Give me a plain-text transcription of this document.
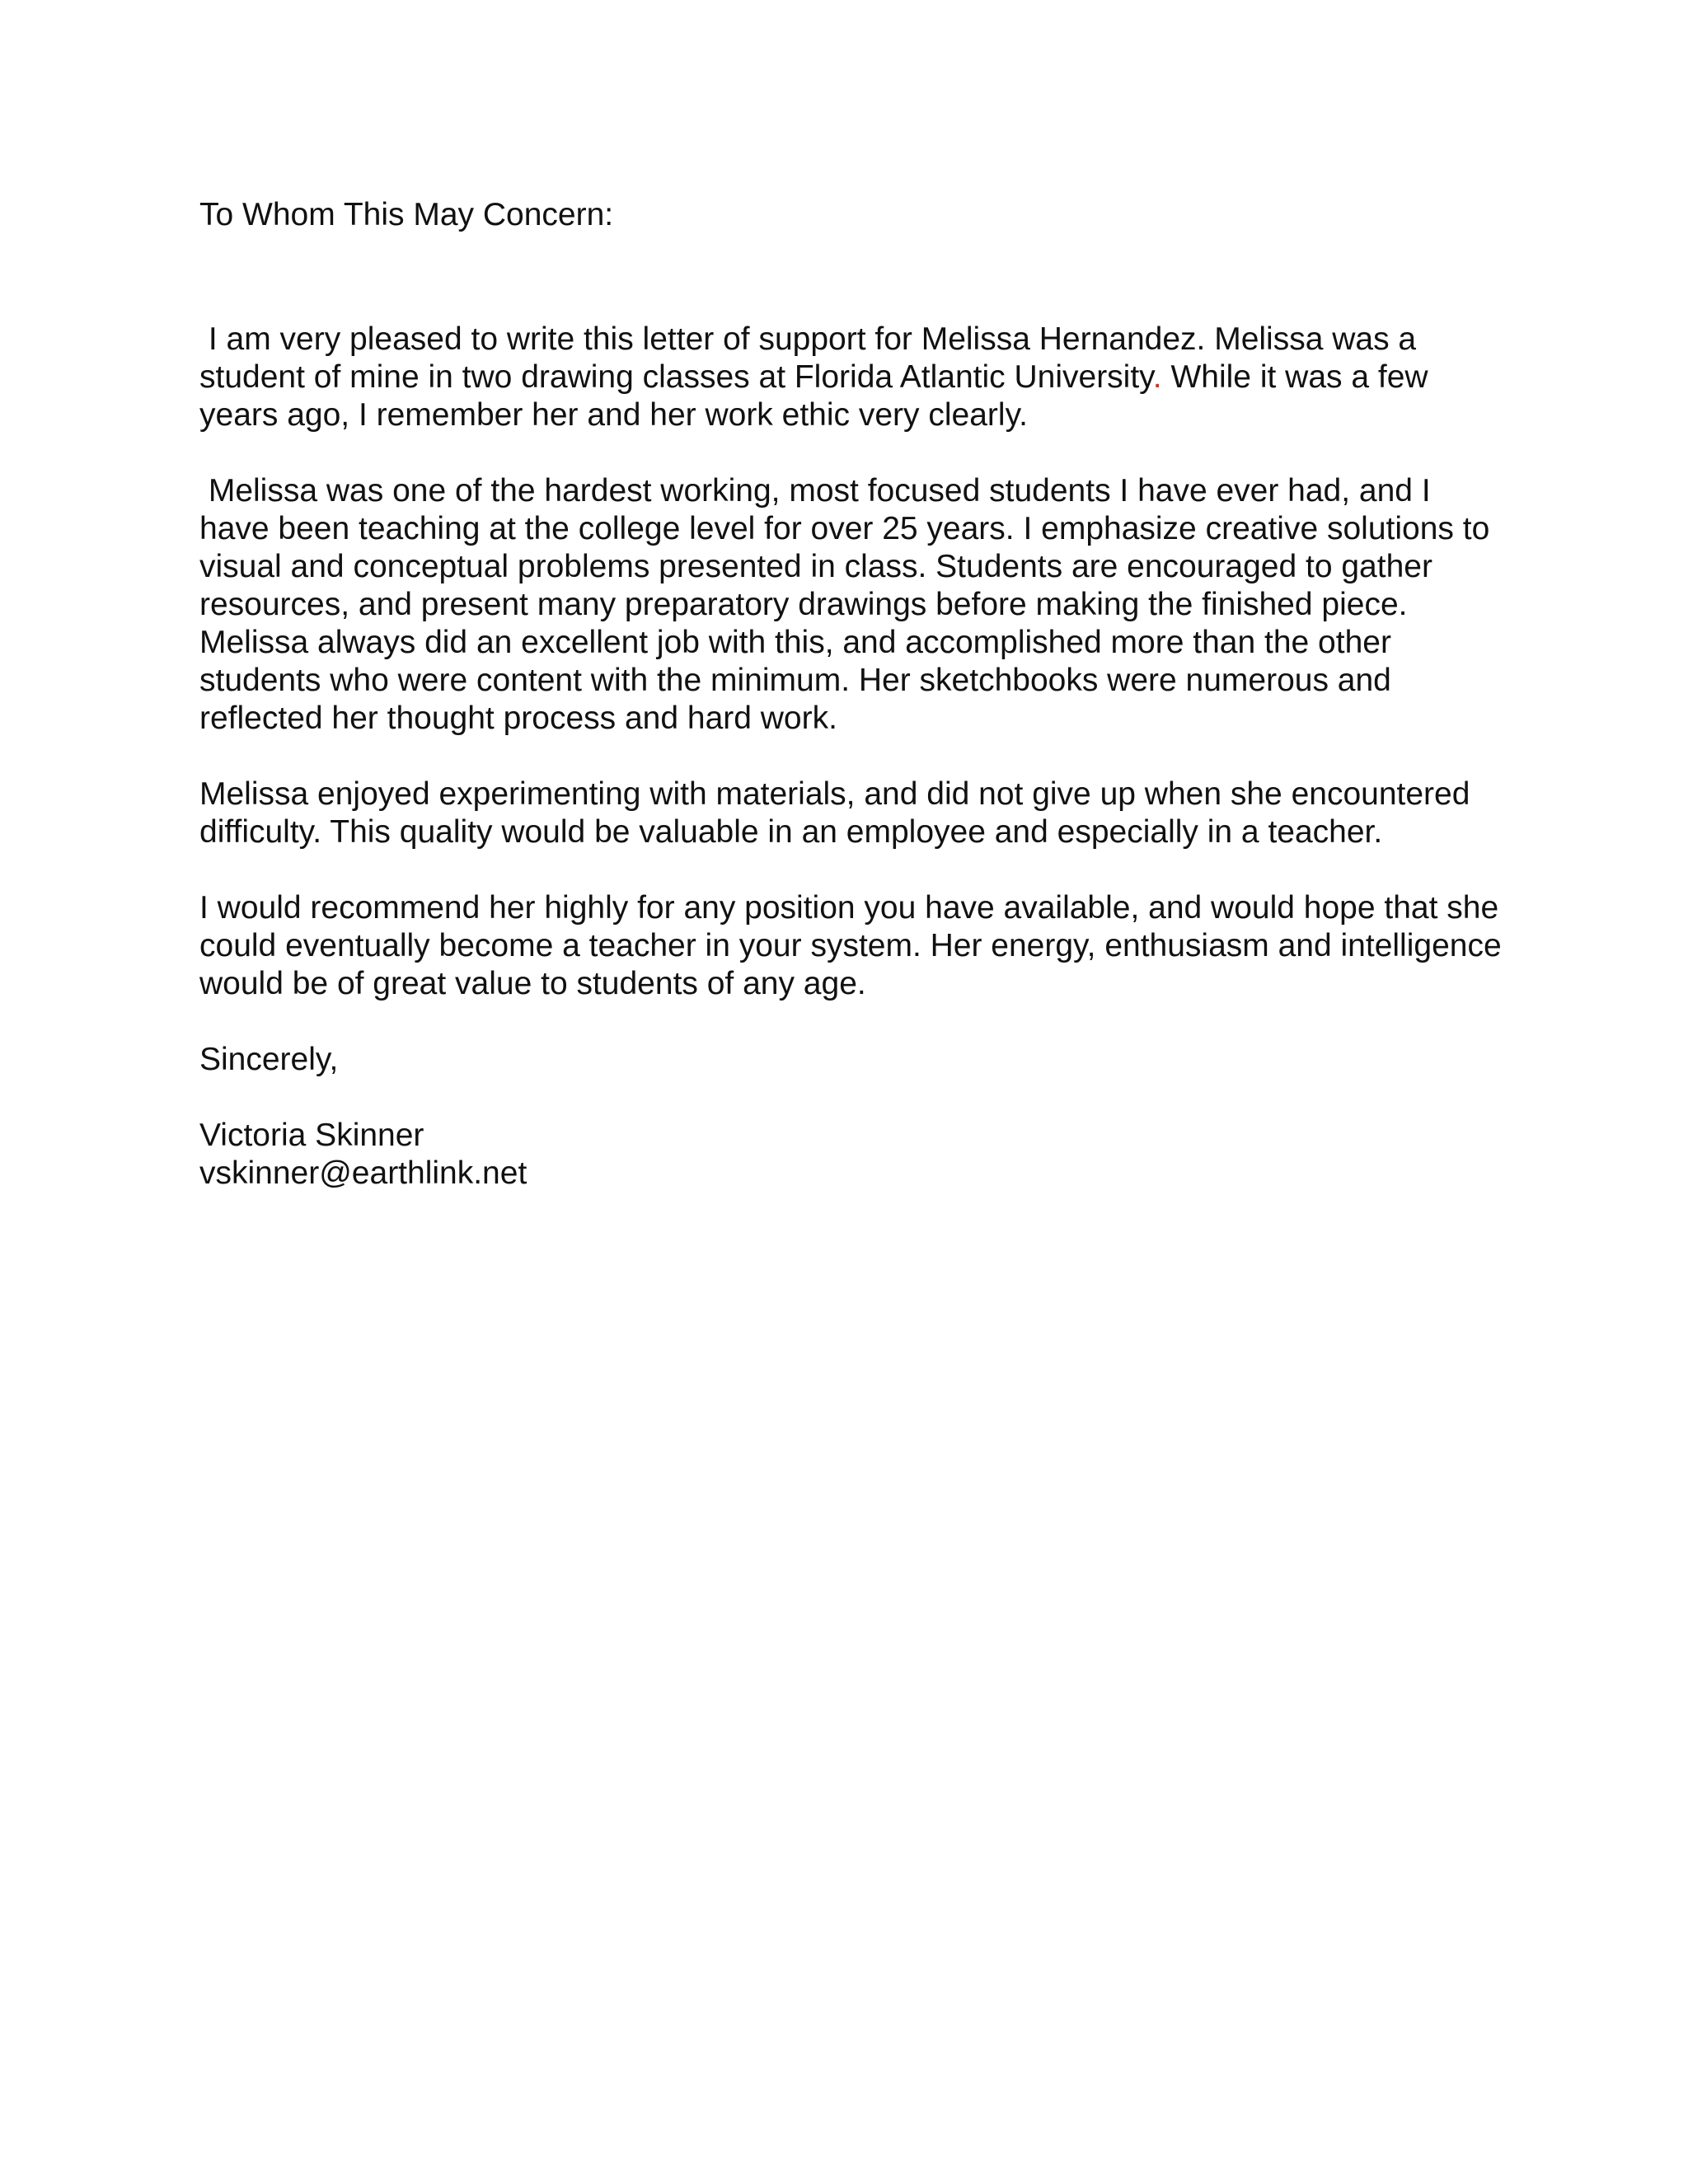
To Whom This May Concern:

I am very pleased to write this letter of support for Melissa Hernandez. Melissa was a student of mine in two drawing classes at Florida Atlantic University. While it was a few years ago, I remember her and her work ethic very clearly.

Melissa was one of the hardest working, most focused students I have ever had, and I have been teaching at the college level for over 25 years. I emphasize creative solutions to visual and conceptual problems presented in class. Students are encouraged to gather resources, and present many preparatory drawings before making the finished piece. Melissa always did an excellent job with this, and accomplished more than the other students who were content with the minimum. Her sketchbooks were numerous and reflected her thought process and hard work.

Melissa enjoyed experimenting with materials, and did not give up when she encountered difficulty. This quality would be valuable in an employee and especially in a teacher.

I would recommend her highly for any position you have available, and would hope that she could eventually become a teacher in your system. Her energy, enthusiasm and intelligence would be of great value to students of any age.

Sincerely,

Victoria Skinner
vskinner@earthlink.net
